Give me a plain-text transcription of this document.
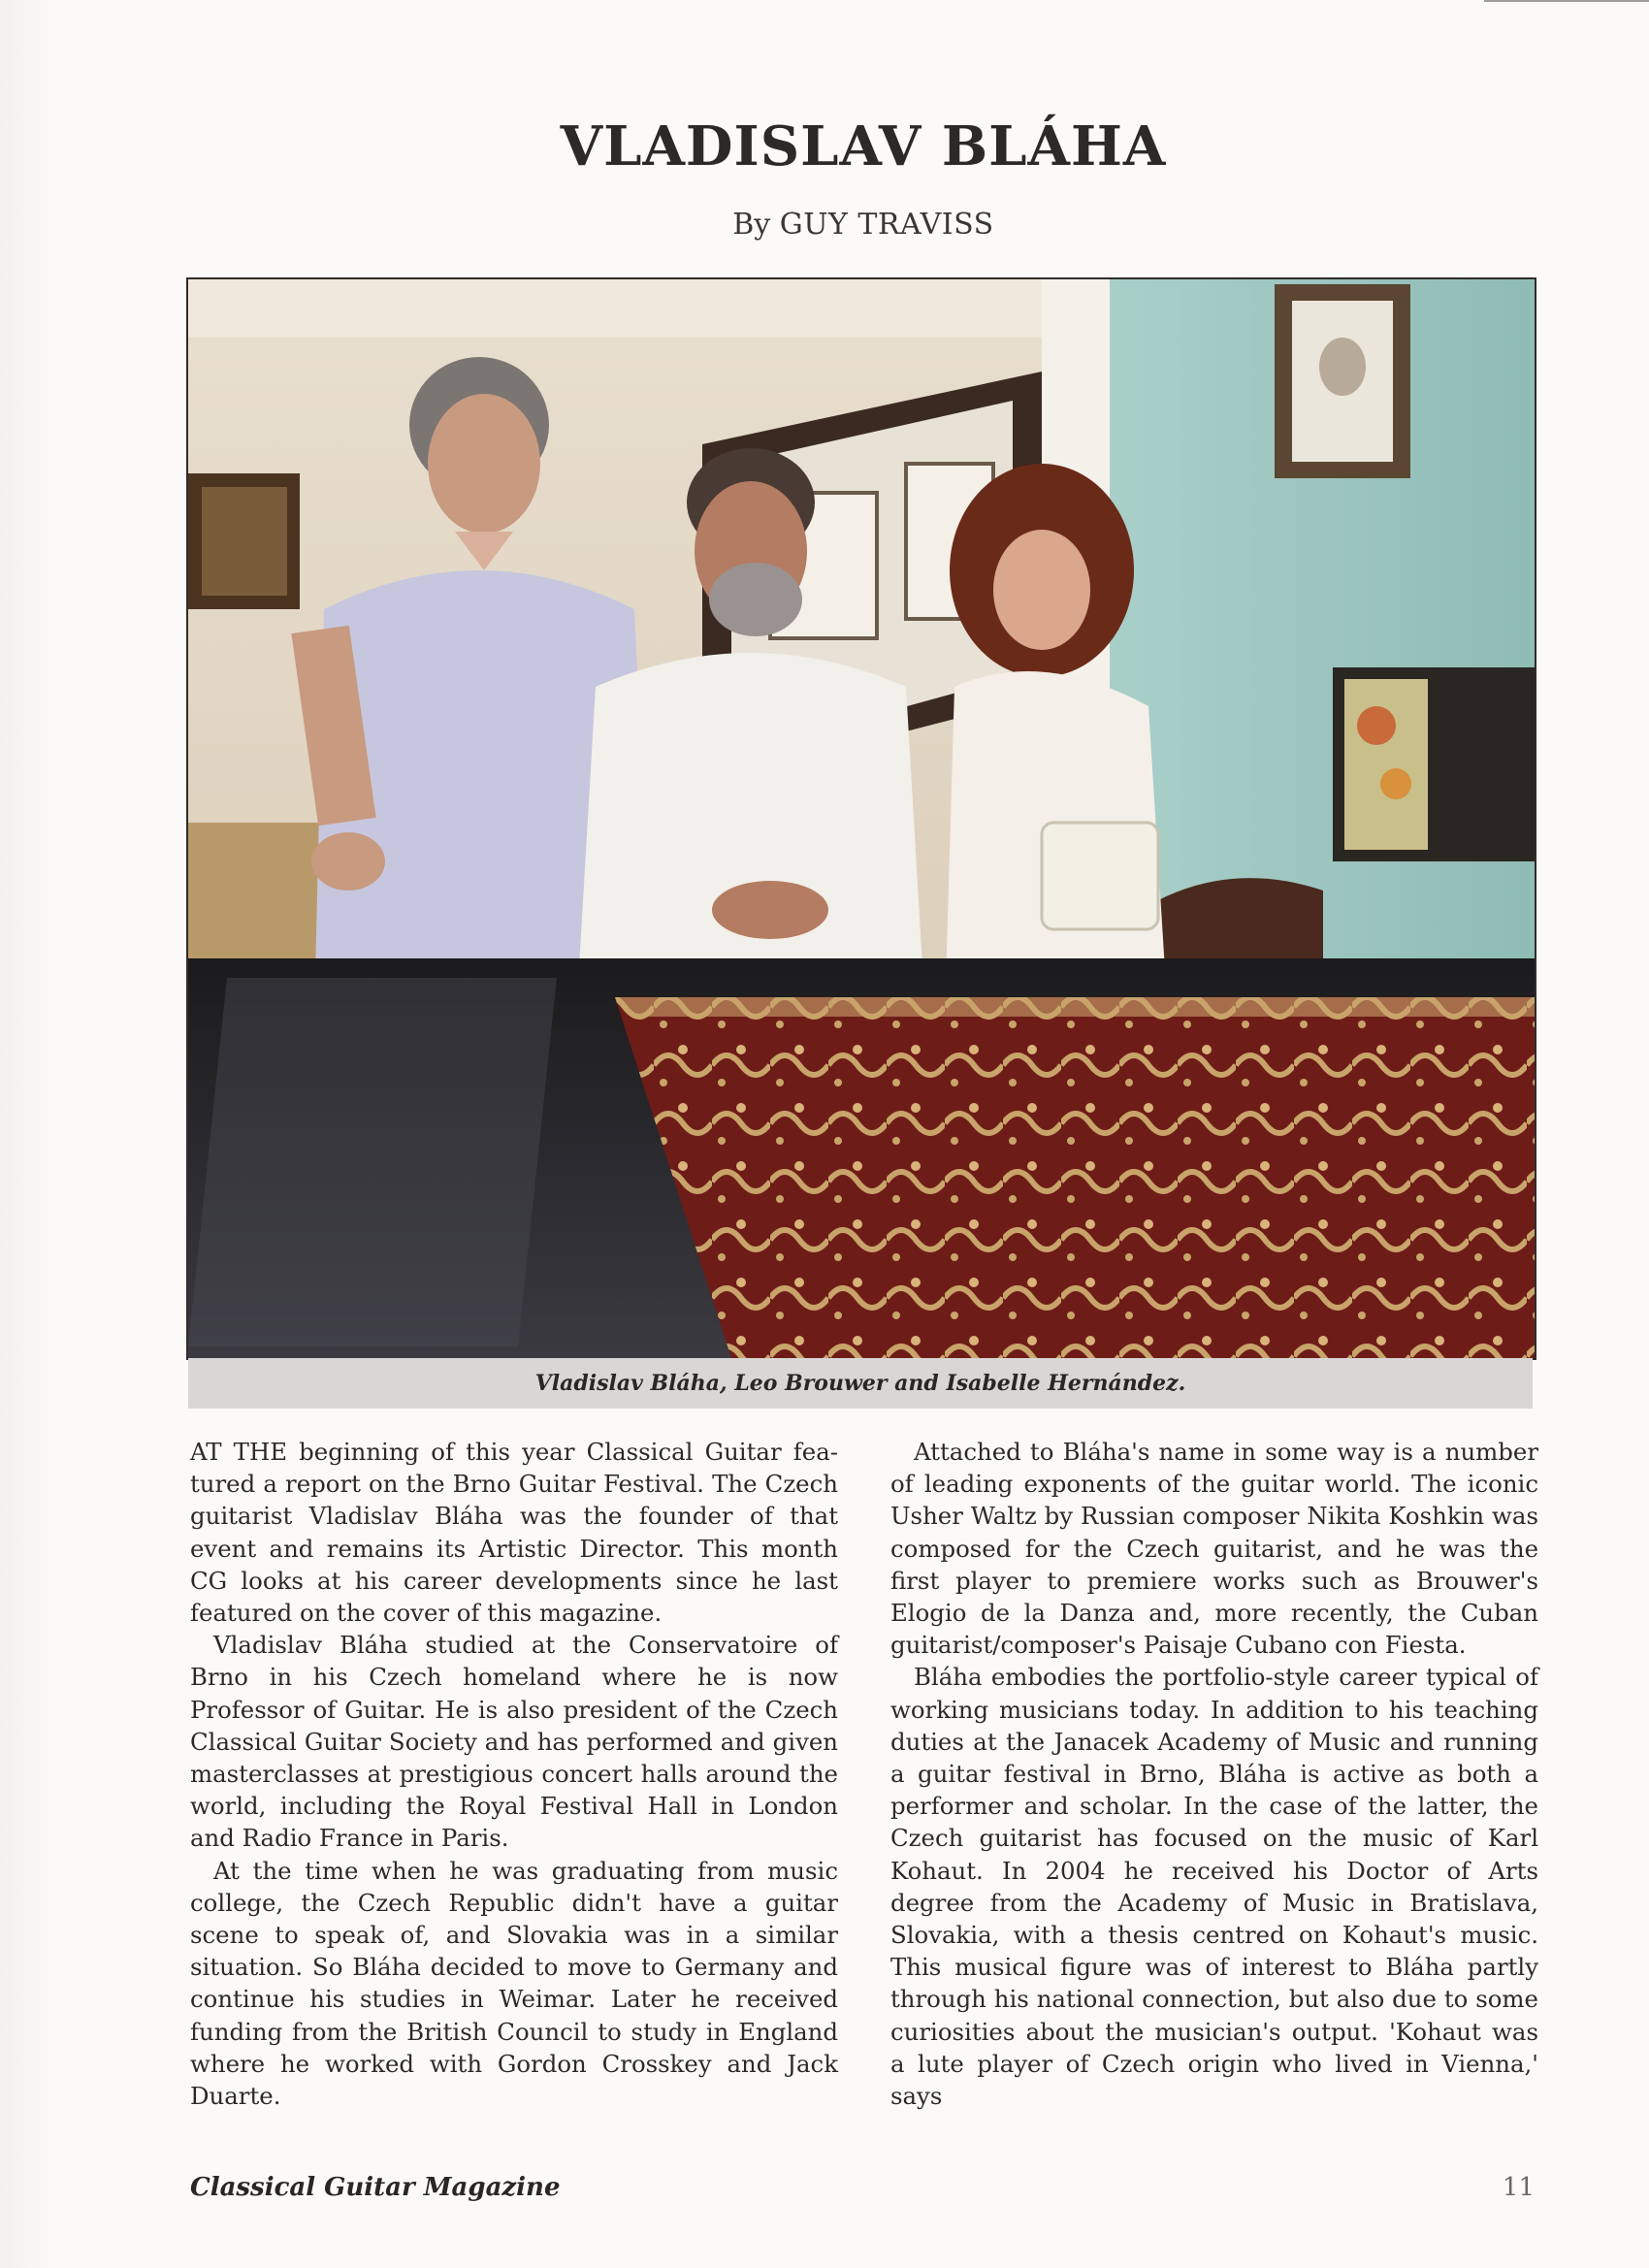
VLADISLAV BLÁHA

By GUY TRAVISS

Vladislav Bláha, Leo Brouwer and Isabelle Hernández.

AT THE beginning of this year Classical Guitar featured a report on the Brno Guitar Festival. The Czech guitarist Vladislav Bláha was the founder of that event and remains its Artistic Director. This month CG looks at his career developments since he last featured on the cover of this magazine.

Vladislav Bláha studied at the Conservatoire of Brno in his Czech homeland where he is now Professor of Guitar. He is also president of the Czech Classical Guitar Society and has performed and given masterclasses at prestigious concert halls around the world, including the Royal Festival Hall in London and Radio France in Paris.

At the time when he was graduating from music college, the Czech Republic didn't have a guitar scene to speak of, and Slovakia was in a similar situation. So Bláha decided to move to Germany and continue his studies in Weimar. Later he received funding from the British Council to study in England where he worked with Gordon Crosskey and Jack Duarte.

Attached to Bláha's name in some way is a number of leading exponents of the guitar world. The iconic Usher Waltz by Russian composer Nikita Koshkin was composed for the Czech guitarist, and he was the first player to premiere works such as Brouwer's Elogio de la Danza and, more recently, the Cuban guitarist/composer's Paisaje Cubano con Fiesta.

Bláha embodies the portfolio-style career typical of working musicians today. In addition to his teaching duties at the Janacek Academy of Music and running a guitar festival in Brno, Bláha is active as both a performer and scholar. In the case of the latter, the Czech guitarist has focused on the music of Karl Kohaut. In 2004 he received his Doctor of Arts degree from the Academy of Music in Bratislava, Slovakia, with a thesis centred on Kohaut's music. This musical figure was of interest to Bláha partly through his national connection, but also due to some curiosities about the musician's output. 'Kohaut was a lute player of Czech origin who lived in Vienna,' says

Classical Guitar Magazine	11
